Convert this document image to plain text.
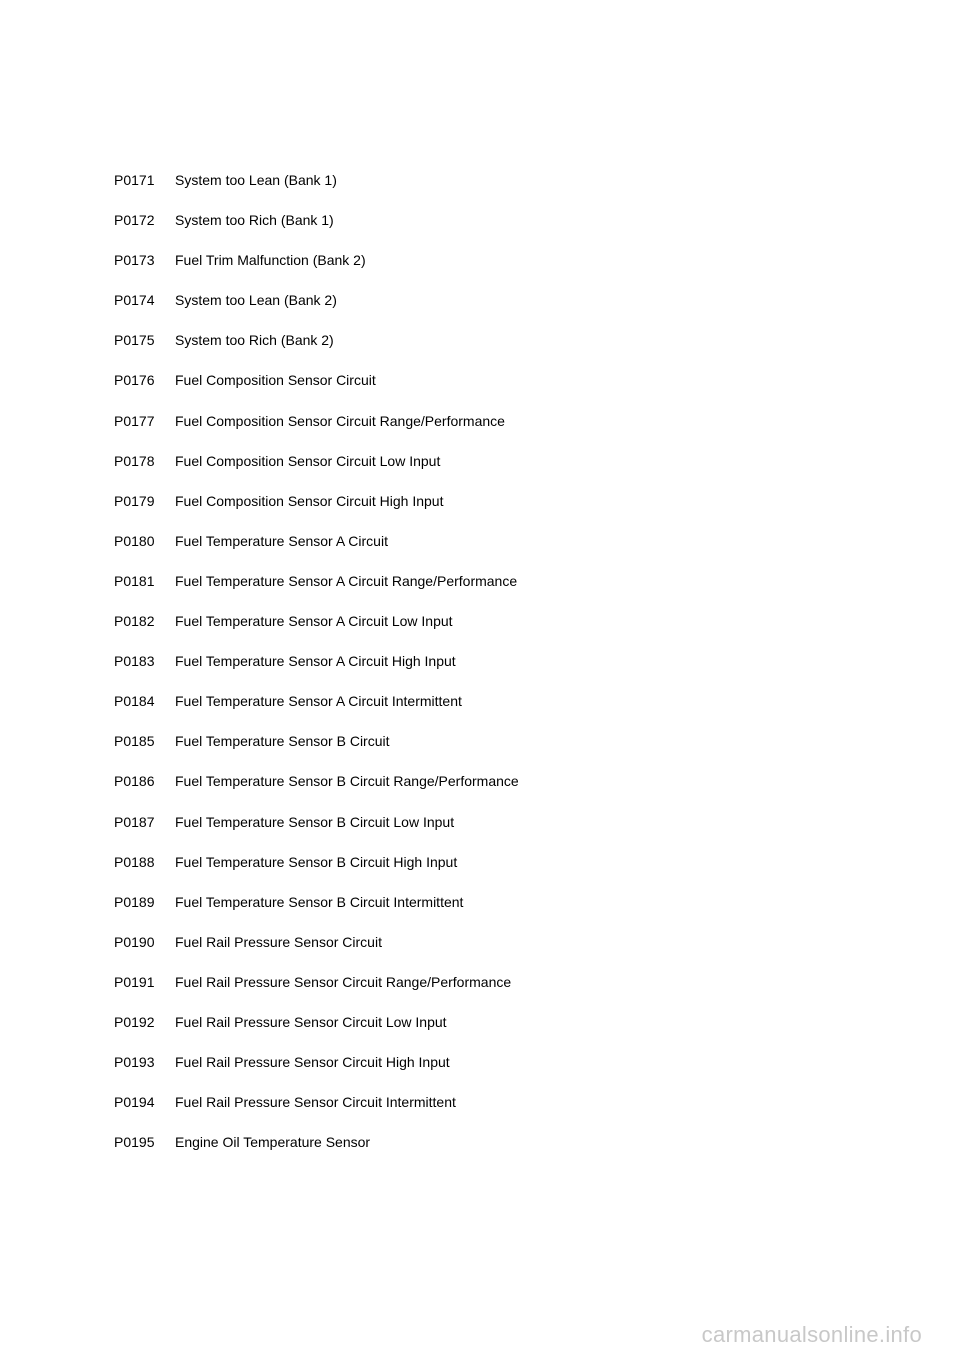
P0171	System too Lean (Bank 1)
P0172	System too Rich (Bank 1)
P0173	Fuel Trim Malfunction (Bank 2)
P0174	System too Lean (Bank 2)
P0175	System too Rich (Bank 2)
P0176	Fuel Composition Sensor Circuit
P0177	Fuel Composition Sensor Circuit Range/Performance
P0178	Fuel Composition Sensor Circuit Low Input
P0179	Fuel Composition Sensor Circuit High Input
P0180	Fuel Temperature Sensor A Circuit
P0181	Fuel Temperature Sensor A Circuit Range/Performance
P0182	Fuel Temperature Sensor A Circuit Low Input
P0183	Fuel Temperature Sensor A Circuit High Input
P0184	Fuel Temperature Sensor A Circuit Intermittent
P0185	Fuel Temperature Sensor B Circuit
P0186	Fuel Temperature Sensor B Circuit Range/Performance
P0187	Fuel Temperature Sensor B Circuit Low Input
P0188	Fuel Temperature Sensor B Circuit High Input
P0189	Fuel Temperature Sensor B Circuit Intermittent
P0190	Fuel Rail Pressure Sensor Circuit
P0191	Fuel Rail Pressure Sensor Circuit Range/Performance
P0192	Fuel Rail Pressure Sensor Circuit Low Input
P0193	Fuel Rail Pressure Sensor Circuit High Input
P0194	Fuel Rail Pressure Sensor Circuit Intermittent
P0195	Engine Oil Temperature Sensor
carmanualsonline.info
